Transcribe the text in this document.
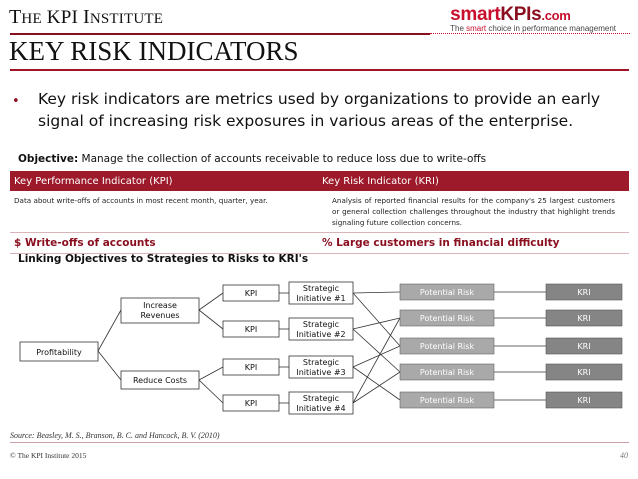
THE KPI INSTITUTE	smartKPIs.com
The smart choice in performance management
KEY RISK INDICATORS
• Key risk indicators are metrics used by organizations to provide an early signal of increasing risk exposures in various areas of the enterprise.
Objective: Manage the collection of accounts receivable to reduce loss due to write-offs
Key Performance Indicator (KPI)	Key Risk Indicator (KRI)
Data about write-offs of accounts in most recent month, quarter, year.	Analysis of reported financial results for the company's 25 largest customers or general collection challenges throughout the industry that highlight trends signaling future collection concerns.
$ Write-offs of accounts	% Large customers in financial difficulty
Linking Objectives to Strategies to Risks to KRI's
Profitability
Increase
Revenues
Reduce Costs
KPI
KPI
KPI
KPI
Strategic
Initiative #1
Strategic
Initiative #2
Strategic
Initiative #3
Strategic
Initiative #4
Potential Risk
Potential Risk
Potential Risk
Potential Risk
Potential Risk
KRI
KRI
KRI
KRI
KRI
Source: Beasley, M. S., Branson, B. C. and Hancock, B. V. (2010)
© The KPI Institute 2015	40
